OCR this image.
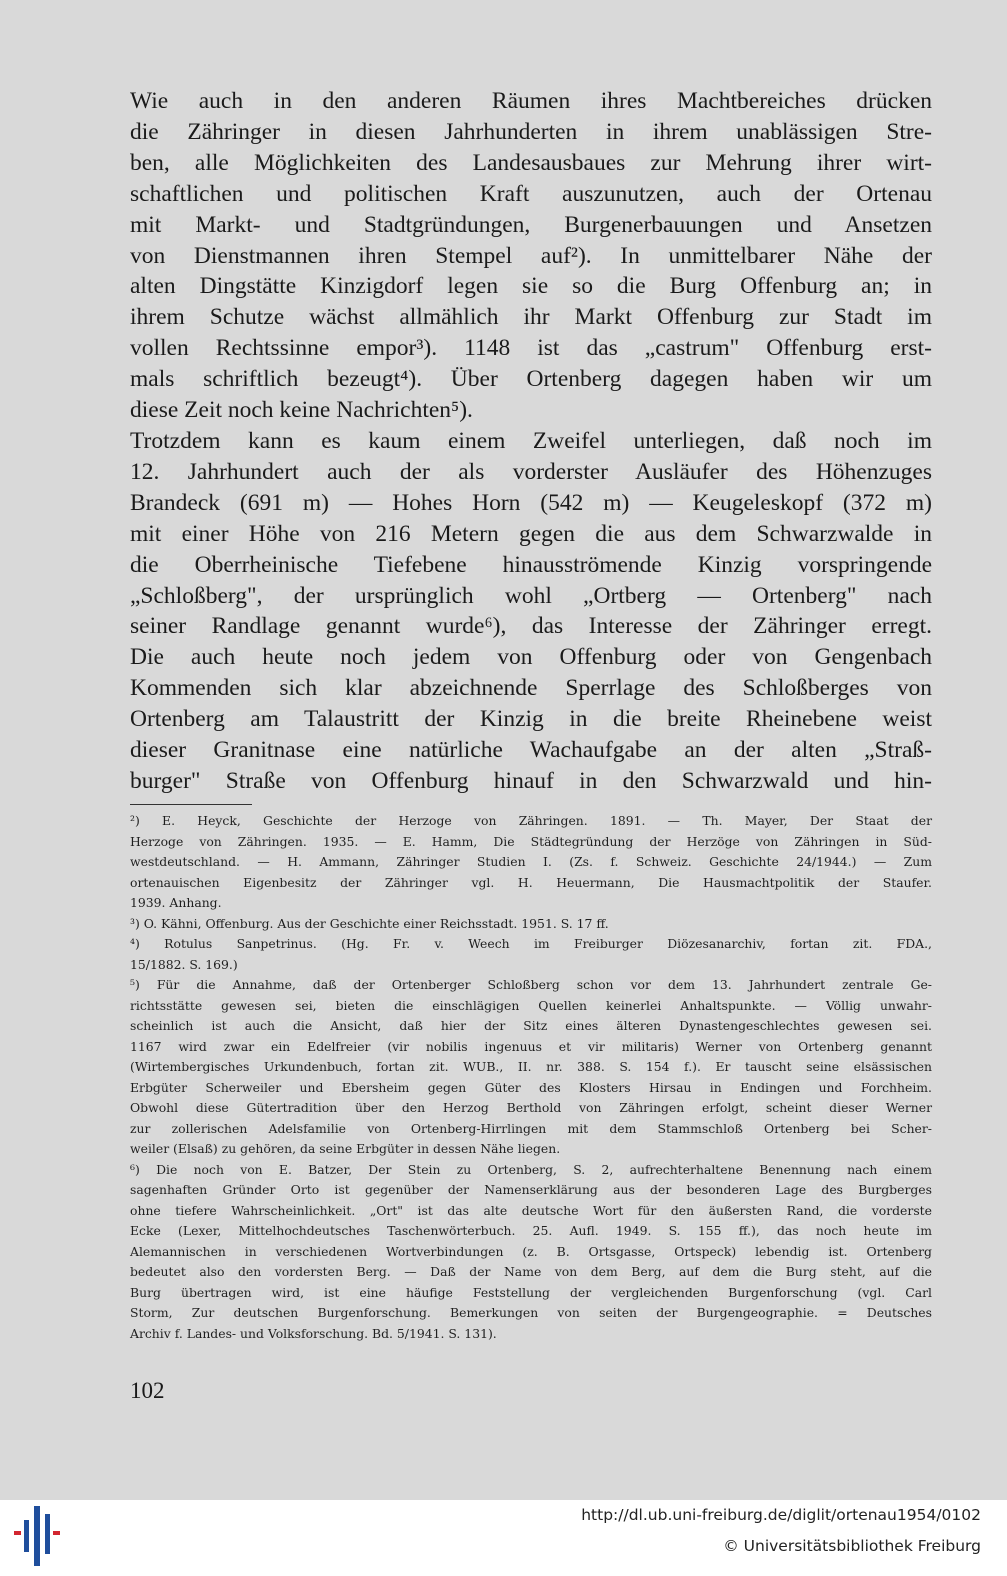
Wie auch in den anderen Räumen ihres Machtbereiches drücken
die Zähringer in diesen Jahrhunderten in ihrem unablässigen Stre-
ben, alle Möglichkeiten des Landesausbaues zur Mehrung ihrer wirt-
schaftlichen und politischen Kraft auszunutzen, auch der Ortenau
mit Markt- und Stadtgründungen, Burgenerbauungen und Ansetzen
von Dienstmannen ihren Stempel auf²). In unmittelbarer Nähe der
alten Dingstätte Kinzigdorf legen sie so die Burg Offenburg an; in
ihrem Schutze wächst allmählich ihr Markt Offenburg zur Stadt im
vollen Rechtssinne empor³). 1148 ist das „castrum" Offenburg erst-
mals schriftlich bezeugt⁴). Über Ortenberg dagegen haben wir um
diese Zeit noch keine Nachrichten⁵).
Trotzdem kann es kaum einem Zweifel unterliegen, daß noch im
12. Jahrhundert auch der als vorderster Ausläufer des Höhenzuges
Brandeck (691 m) — Hohes Horn (542 m) — Keugeleskopf (372 m)
mit einer Höhe von 216 Metern gegen die aus dem Schwarzwalde in
die Oberrheinische Tiefebene hinausströmende Kinzig vorspringende
„Schloßberg", der ursprünglich wohl „Ortberg — Ortenberg" nach
seiner Randlage genannt wurde⁶), das Interesse der Zähringer erregt.
Die auch heute noch jedem von Offenburg oder von Gengenbach
Kommenden sich klar abzeichnende Sperrlage des Schloßberges von
Ortenberg am Talaustritt der Kinzig in die breite Rheinebene weist
dieser Granitnase eine natürliche Wachaufgabe an der alten „Straß-
burger" Straße von Offenburg hinauf in den Schwarzwald und hin-
²) E. Heyck, Geschichte der Herzoge von Zähringen. 1891. — Th. Mayer, Der Staat der
Herzoge von Zähringen. 1935. — E. Hamm, Die Städtegründung der Herzöge von Zähringen in Süd-
westdeutschland. — H. Ammann, Zähringer Studien I. (Zs. f. Schweiz. Geschichte 24/1944.) — Zum
ortenauischen Eigenbesitz der Zähringer vgl. H. Heuermann, Die Hausmachtpolitik der Staufer.
1939. Anhang.
³) O. Kähni, Offenburg. Aus der Geschichte einer Reichsstadt. 1951. S. 17 ff.
⁴) Rotulus Sanpetrinus. (Hg. Fr. v. Weech im Freiburger Diözesanarchiv, fortan zit. FDA.,
15/1882. S. 169.)
⁵) Für die Annahme, daß der Ortenberger Schloßberg schon vor dem 13. Jahrhundert zentrale Ge-
richtsstätte gewesen sei, bieten die einschlägigen Quellen keinerlei Anhaltspunkte. — Völlig unwahr-
scheinlich ist auch die Ansicht, daß hier der Sitz eines älteren Dynastengeschlechtes gewesen sei.
1167 wird zwar ein Edelfreier (vir nobilis ingenuus et vir militaris) Werner von Ortenberg genannt
(Wirtembergisches Urkundenbuch, fortan zit. WUB., II. nr. 388. S. 154 f.). Er tauscht seine elsässischen
Erbgüter Scherweiler und Ebersheim gegen Güter des Klosters Hirsau in Endingen und Forchheim.
Obwohl diese Gütertradition über den Herzog Berthold von Zähringen erfolgt, scheint dieser Werner
zur zollerischen Adelsfamilie von Ortenberg-Hirrlingen mit dem Stammschloß Ortenberg bei Scher-
weiler (Elsaß) zu gehören, da seine Erbgüter in dessen Nähe liegen.
⁶) Die noch von E. Batzer, Der Stein zu Ortenberg, S. 2, aufrechterhaltene Benennung nach einem
sagenhaften Gründer Orto ist gegenüber der Namenserklärung aus der besonderen Lage des Burgberges
ohne tiefere Wahrscheinlichkeit. „Ort" ist das alte deutsche Wort für den äußersten Rand, die vorderste
Ecke (Lexer, Mittelhochdeutsches Taschenwörterbuch. 25. Aufl. 1949. S. 155 ff.), das noch heute im
Alemannischen in verschiedenen Wortverbindungen (z. B. Ortsgasse, Ortspeck) lebendig ist. Ortenberg
bedeutet also den vordersten Berg. — Daß der Name von dem Berg, auf dem die Burg steht, auf die
Burg übertragen wird, ist eine häufige Feststellung der vergleichenden Burgenforschung (vgl. Carl
Storm, Zur deutschen Burgenforschung. Bemerkungen von seiten der Burgengeographie. = Deutsches
Archiv f. Landes- und Volksforschung. Bd. 5/1941. S. 131).
102
http://dl.ub.uni-freiburg.de/diglit/ortenau1954/0102
© Universitätsbibliothek Freiburg
